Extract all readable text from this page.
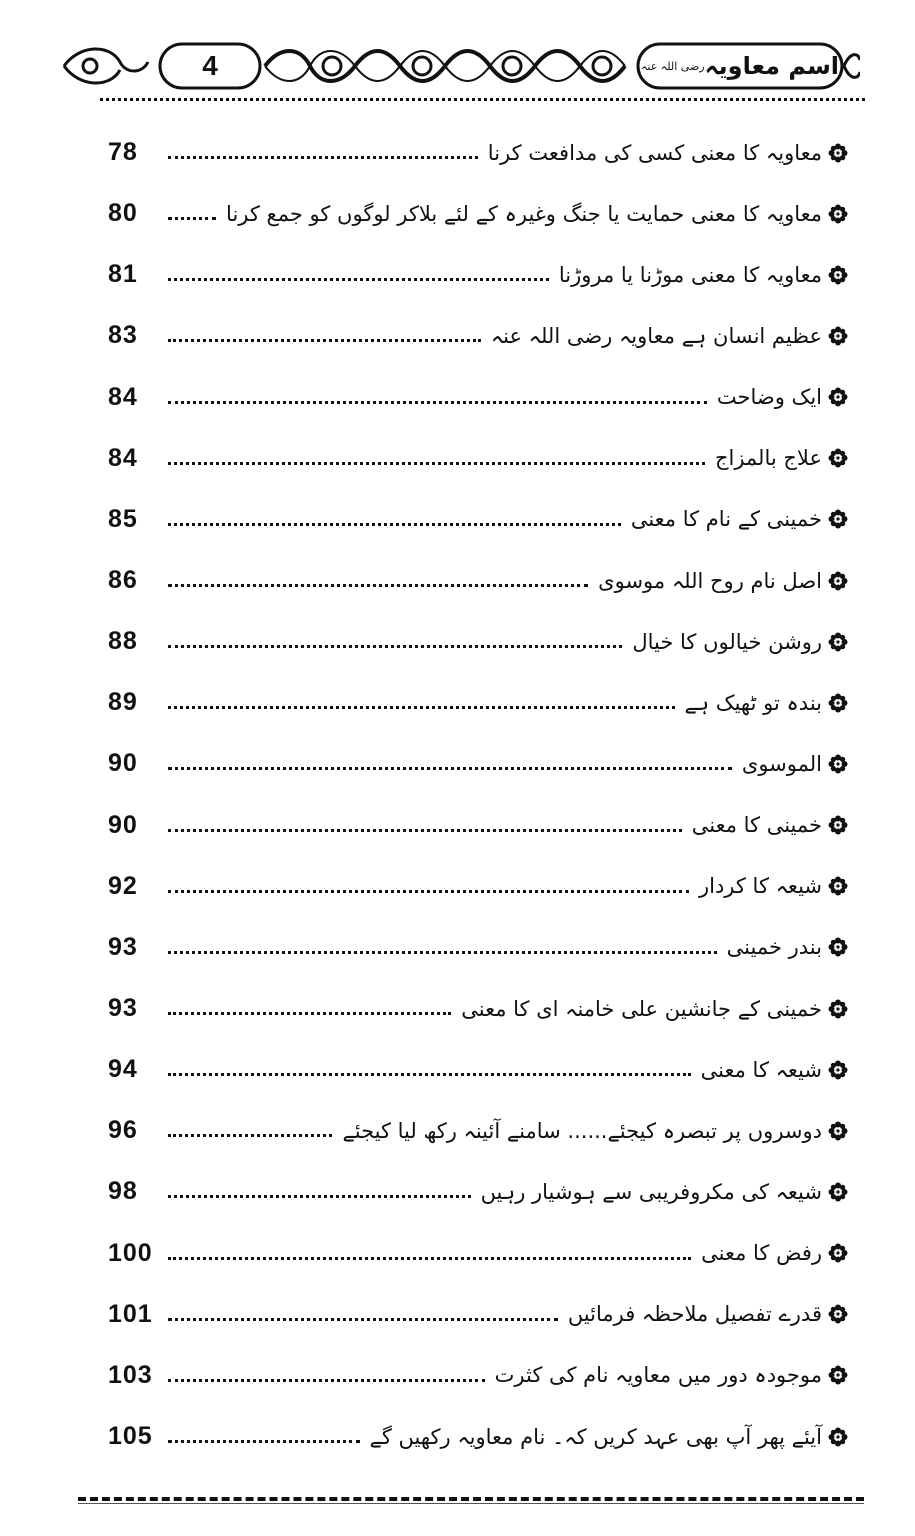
4	اسم معاویہ
رضی اللہ عنہ
78	معاویہ کا معنی کسی کی مدافعت کرنا
80	معاویہ کا معنی حمایت یا جنگ وغیرہ کے لئے بلاکر لوگوں کو جمع کرنا
81	معاویہ کا معنی موڑنا یا مروڑنا
83	عظیم انسان ہے معاویہ رضی اللہ عنہ
84	ایک وضاحت
84	علاج بالمزاج
85	خمینی کے نام کا معنی
86	اصل نام روح اللہ موسوی
88	روشن خیالوں کا خیال
89	بندہ تو ٹھیک ہے
90	الموسوی
90	خمینی کا معنی
92	شیعہ کا کردار
93	بندر خمینی
93	خمینی کے جانشین علی خامنہ ای کا معنی
94	شیعہ کا معنی
96	دوسروں پر تبصرہ کیجئے...... سامنے آئینہ رکھ لیا کیجئے
98	شیعہ کی مکروفریبی سے ہوشیار رہیں
100	رفض کا معنی
101	قدرے تفصیل ملاحظہ فرمائیں
103	موجودہ دور میں معاویہ نام کی کثرت
105	آیئے پھر آپ بھی عہد کریں کہ۔ نام معاویہ رکھیں گے
